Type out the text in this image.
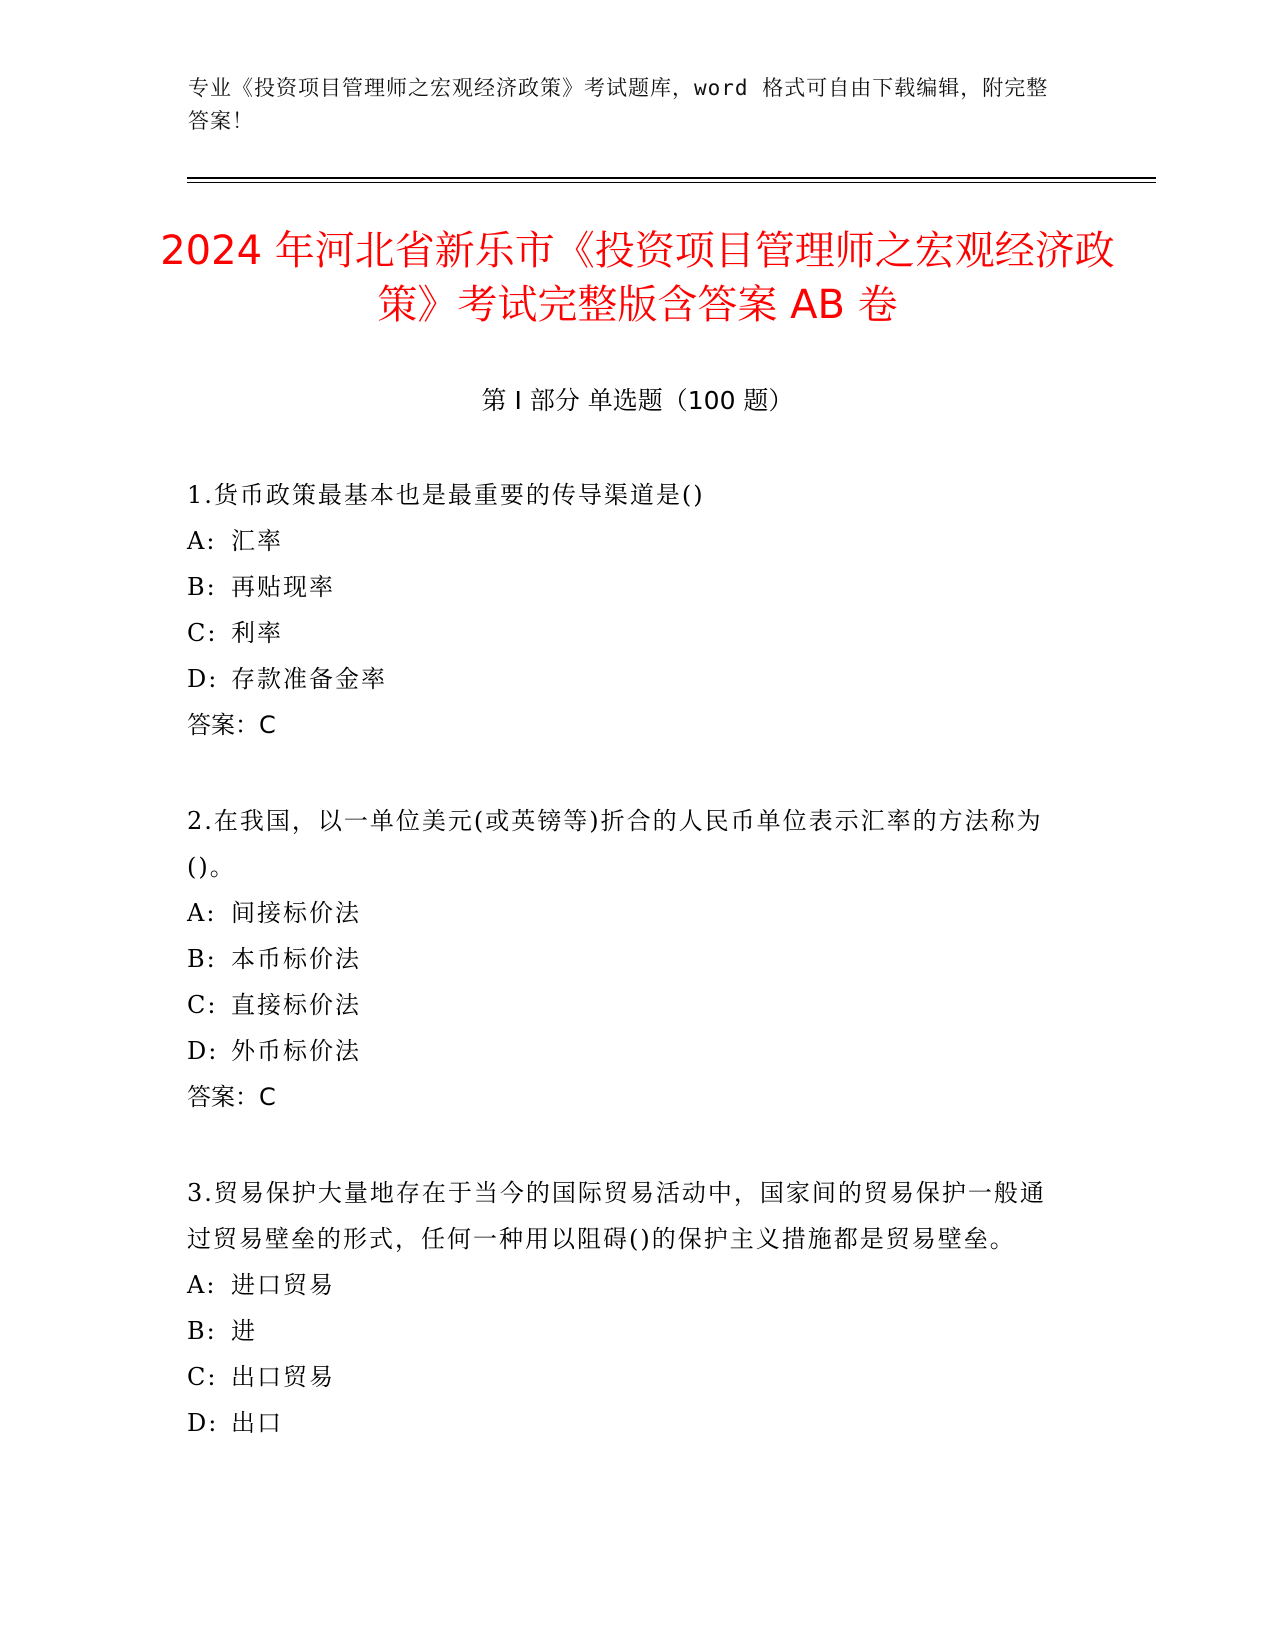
专业《投资项目管理师之宏观经济政策》考试题库，word 格式可自由下载编辑，附完整答案！
2024 年河北省新乐市《投资项目管理师之宏观经济政策》考试完整版含答案 AB 卷
第 I 部分 单选题（100 题）

1.货币政策最基本也是最重要的传导渠道是()

A: 汇率

B: 再贴现率

C: 利率

D: 存款准备金率

答案：C

2.在我国，以一单位美元(或英镑等)折合的人民币单位表示汇率的方法称为()。

A: 间接标价法

B: 本币标价法

C: 直接标价法

D: 外币标价法

答案：C

3.贸易保护大量地存在于当今的国际贸易活动中，国家间的贸易保护一般通过贸易壁垒的形式，任何一种用以阻碍()的保护主义措施都是贸易壁垒。

A: 进口贸易

B: 进

C: 出口贸易

D: 出口
